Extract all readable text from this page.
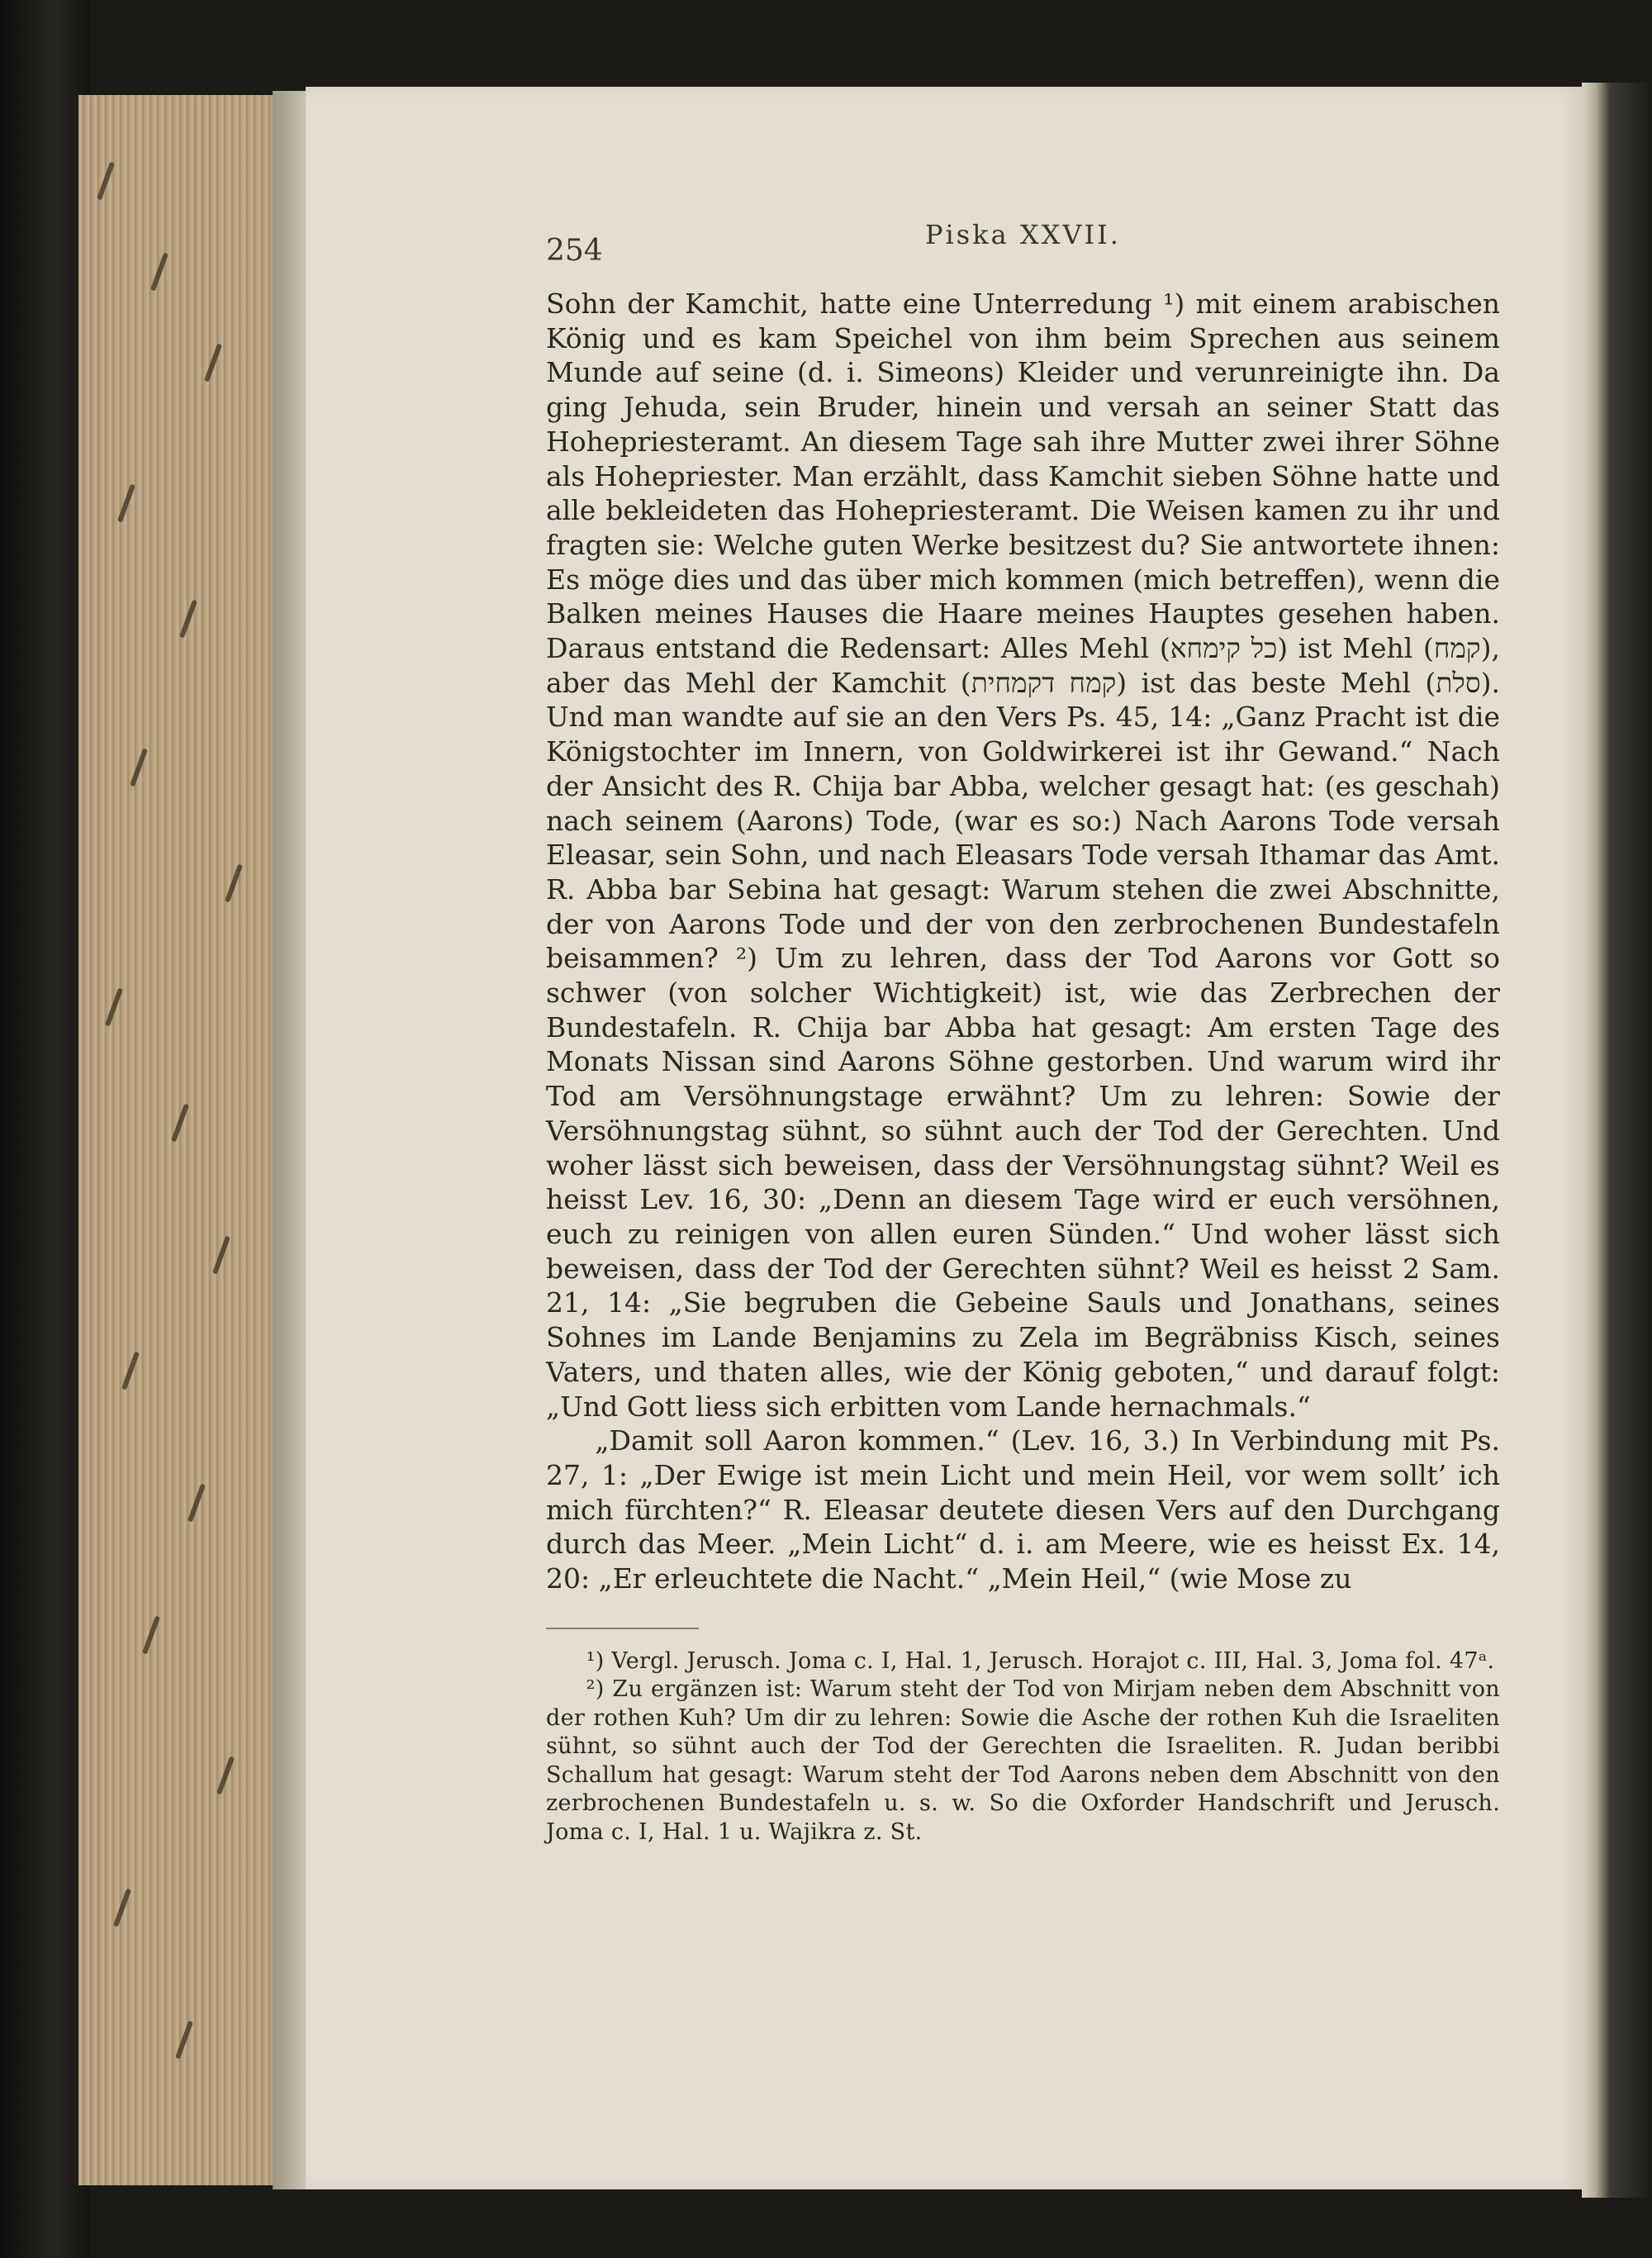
254	Piska XXVII.

Sohn der Kamchit, hatte eine Unterredung ¹) mit einem arabischen König und es kam Speichel von ihm beim Sprechen aus seinem Munde auf seine (d. i. Simeons) Kleider und verunreinigte ihn. Da ging Jehuda, sein Bruder, hinein und versah an seiner Statt das Hohepriesteramt. An diesem Tage sah ihre Mutter zwei ihrer Söhne als Hohepriester. Man erzählt, dass Kamchit sieben Söhne hatte und alle bekleideten das Hohepriesteramt. Die Weisen kamen zu ihr und fragten sie: Welche guten Werke besitzest du? Sie antwortete ihnen: Es möge dies und das über mich kommen (mich betreffen), wenn die Balken meines Hauses die Haare meines Hauptes gesehen haben. Daraus entstand die Redensart: Alles Mehl (כל קימחא) ist Mehl (קמח), aber das Mehl der Kamchit (קמח דקמחית) ist das beste Mehl (סלת). Und man wandte auf sie an den Vers Ps. 45, 14: „Ganz Pracht ist die Königstochter im Innern, von Goldwirkerei ist ihr Gewand.“ Nach der Ansicht des R. Chija bar Abba, welcher gesagt hat: (es geschah) nach seinem (Aarons) Tode, (war es so:) Nach Aarons Tode versah Eleasar, sein Sohn, und nach Eleasars Tode versah Ithamar das Amt. R. Abba bar Sebina hat gesagt: Warum stehen die zwei Abschnitte, der von Aarons Tode und der von den zerbrochenen Bundestafeln beisammen? ²) Um zu lehren, dass der Tod Aarons vor Gott so schwer (von solcher Wichtigkeit) ist, wie das Zerbrechen der Bundestafeln. R. Chija bar Abba hat gesagt: Am ersten Tage des Monats Nissan sind Aarons Söhne gestorben. Und warum wird ihr Tod am Versöhnungstage erwähnt? Um zu lehren: Sowie der Versöhnungstag sühnt, so sühnt auch der Tod der Gerechten. Und woher lässt sich beweisen, dass der Versöhnungstag sühnt? Weil es heisst Lev. 16, 30: „Denn an diesem Tage wird er euch versöhnen, euch zu reinigen von allen euren Sünden.“ Und woher lässt sich beweisen, dass der Tod der Gerechten sühnt? Weil es heisst 2 Sam. 21, 14: „Sie begruben die Gebeine Sauls und Jonathans, seines Sohnes im Lande Benjamins zu Zela im Begräbniss Kisch, seines Vaters, und thaten alles, wie der König geboten,“ und darauf folgt: „Und Gott liess sich erbitten vom Lande hernachmals.“

„Damit soll Aaron kommen.“ (Lev. 16, 3.) In Verbindung mit Ps. 27, 1: „Der Ewige ist mein Licht und mein Heil, vor wem sollt’ ich mich fürchten?“ R. Eleasar deutete diesen Vers auf den Durchgang durch das Meer. „Mein Licht“ d. i. am Meere, wie es heisst Ex. 14, 20: „Er erleuchtete die Nacht.“ „Mein Heil,“ (wie Mose zu

¹) Vergl. Jerusch. Joma c. I, Hal. 1, Jerusch. Horajot c. III, Hal. 3, Joma fol. 47ᵃ.

²) Zu ergänzen ist: Warum steht der Tod von Mirjam neben dem Abschnitt von der rothen Kuh? Um dir zu lehren: Sowie die Asche der rothen Kuh die Israeliten sühnt, so sühnt auch der Tod der Gerechten die Israeliten. R. Judan beribbi Schallum hat gesagt: Warum steht der Tod Aarons neben dem Abschnitt von den zerbrochenen Bundestafeln u. s. w. So die Oxforder Handschrift und Jerusch. Joma c. I, Hal. 1 u. Wajikra z. St.
